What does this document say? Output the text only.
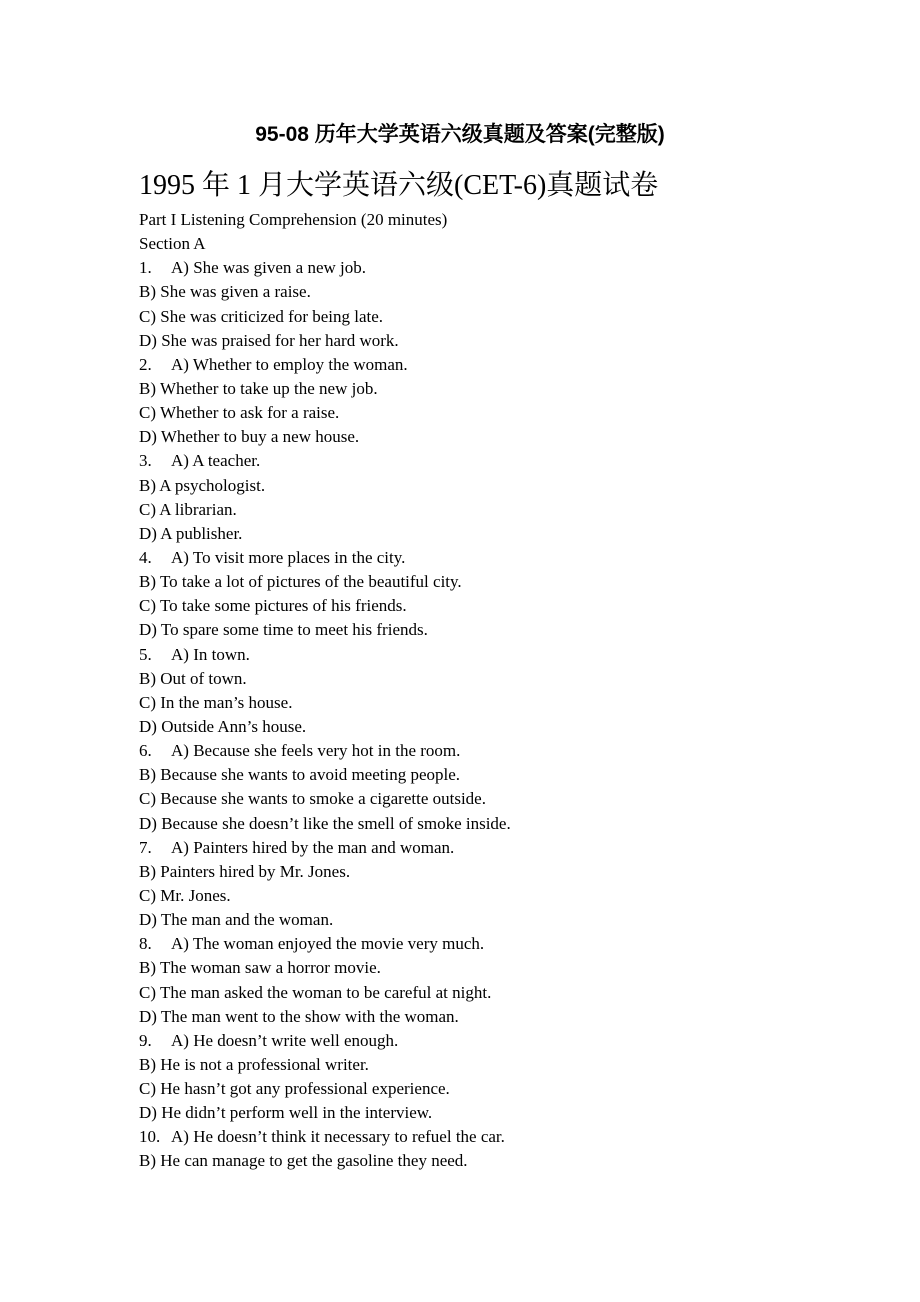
95-08 历年大学英语六级真题及答案(完整版)
1995 年 1 月大学英语六级(CET-6)真题试卷
Part I Listening Comprehension (20 minutes)
Section A
1. A) She was given a new job.
B) She was given a raise.
C) She was criticized for being late.
D) She was praised for her hard work.
2. A) Whether to employ the woman.
B) Whether to take up the new job.
C) Whether to ask for a raise.
D) Whether to buy a new house.
3. A) A teacher.
B) A psychologist.
C) A librarian.
D) A publisher.
4. A) To visit more places in the city.
B) To take a lot of pictures of the beautiful city.
C) To take some pictures of his friends.
D) To spare some time to meet his friends.
5. A) In town.
B) Out of town.
C) In the man’s house.
D) Outside Ann’s house.
6. A) Because she feels very hot in the room.
B) Because she wants to avoid meeting people.
C) Because she wants to smoke a cigarette outside.
D) Because she doesn’t like the smell of smoke inside.
7. A) Painters hired by the man and woman.
B) Painters hired by Mr. Jones.
C) Mr. Jones.
D) The man and the woman.
8. A) The woman enjoyed the movie very much.
B) The woman saw a horror movie.
C) The man asked the woman to be careful at night.
D) The man went to the show with the woman.
9. A) He doesn’t write well enough.
B) He is not a professional writer.
C) He hasn’t got any professional experience.
D) He didn’t perform well in the interview.
10. A) He doesn’t think it necessary to refuel the car.
B) He can manage to get the gasoline they need.
